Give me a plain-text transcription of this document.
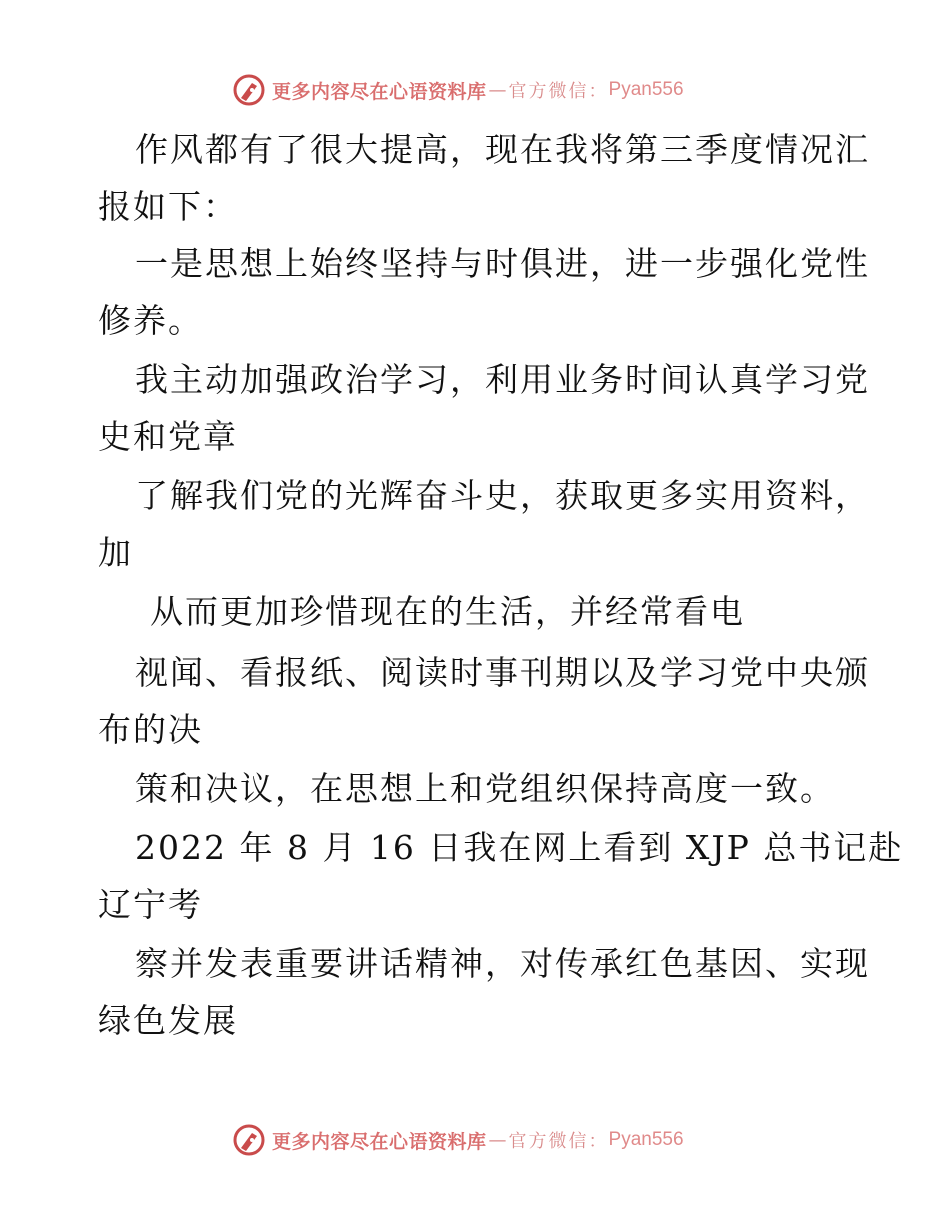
更多内容尽在心语资料库 — 官方微信： Pyan556
作风都有了很大提高，现在我将第三季度情况汇
报如下：
一是思想上始终坚持与时俱进，进一步强化党性
修养。
我主动加强政治学习，利用业务时间认真学习党
史和党章
了解我们党的光辉奋斗史，获取更多实用资料，
加
从而更加珍惜现在的生活，并经常看电
视闻、看报纸、阅读时事刊期以及学习党中央颁
布的决
策和决议，在思想上和党组织保持高度一致。
2022 年 8 月 16 日我在网上看到 XJP 总书记赴
辽宁考
察并发表重要讲话精神，对传承红色基因、实现
绿色发展
更多内容尽在心语资料库 — 官方微信： Pyan556
